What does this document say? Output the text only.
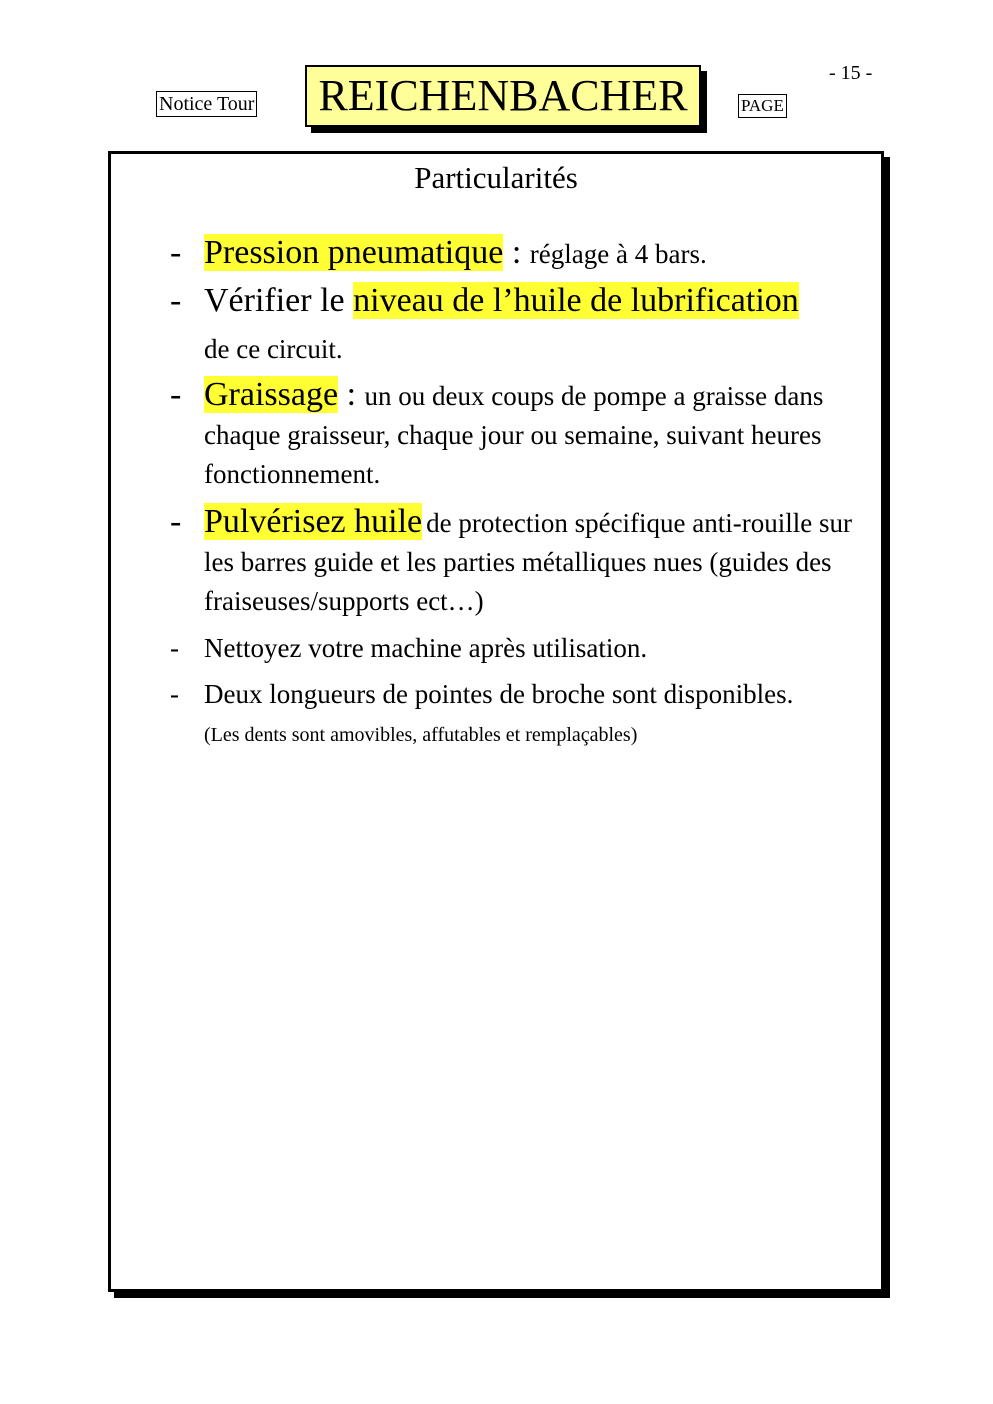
- 15 -
Notice Tour	REICHENBACHER	PAGE
Particularités
- Pression pneumatique : réglage à 4 bars.
- Vérifier le niveau de l’huile de lubrification
de ce circuit.
- Graissage : un ou deux coups de pompe a graisse dans chaque graisseur, chaque jour ou semaine, suivant heures fonctionnement.
- Pulvérisez huile de protection spécifique anti-rouille sur les barres guide et les parties métalliques nues (guides des fraiseuses/supports ect…)
- Nettoyez votre machine après utilisation.
- Deux longueurs de pointes de broche sont disponibles.
(Les dents sont amovibles, affutables et remplaçables)
